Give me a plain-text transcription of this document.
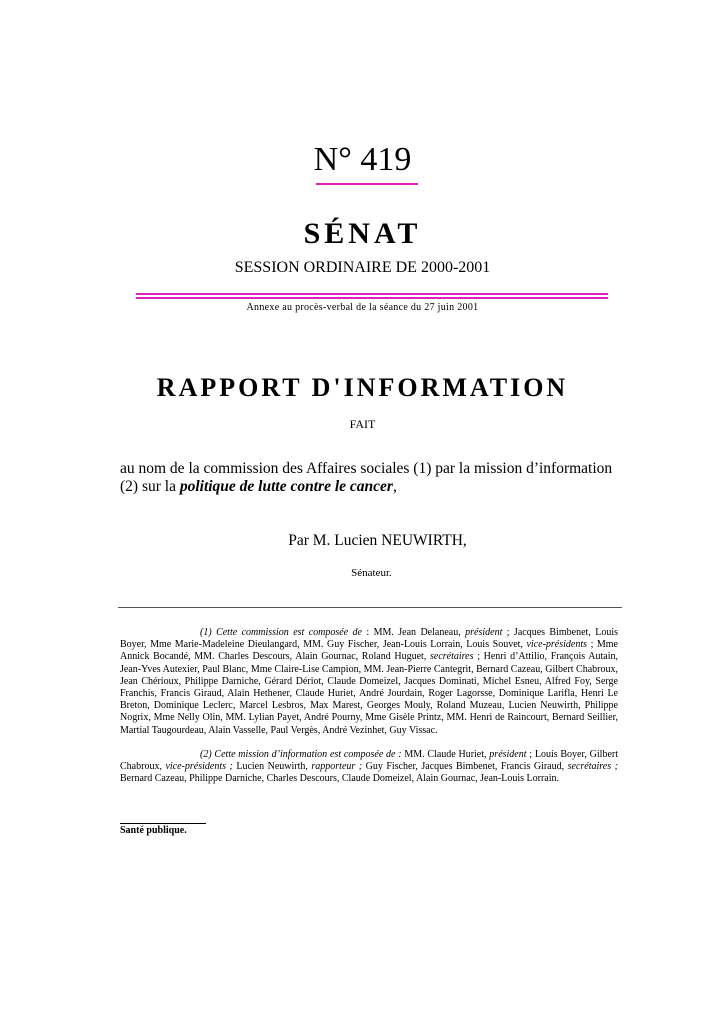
N° 419
SÉNAT
SESSION ORDINAIRE DE 2000-2001
Annexe au procès-verbal de la séance du 27 juin 2001
RAPPORT D'INFORMATION
FAIT
au nom de la commission des Affaires sociales (1) par la mission d’information (2) sur la politique de lutte contre le cancer,
Par M. Lucien NEUWIRTH,
Sénateur.
(1) Cette commission est composée de : MM. Jean Delaneau, président ; Jacques Bimbenet, Louis Boyer, Mme Marie-Madeleine Dieulangard, MM. Guy Fischer, Jean-Louis Lorrain, Louis Souvet, vice-présidents ; Mme Annick Bocandé, MM. Charles Descours, Alain Gournac, Roland Huguet, secrétaires ; Henri d’Attilio, François Autain, Jean-Yves Autexier, Paul Blanc, Mme Claire-Lise Campion, MM. Jean-Pierre Cantegrit, Bernard Cazeau, Gilbert Chabroux, Jean Chérioux, Philippe Darniche, Gérard Dériot, Claude Domeizel, Jacques Dominati, Michel Esneu, Alfred Foy, Serge Franchis, Francis Giraud, Alain Hethener, Claude Huriet, André Jourdain, Roger Lagorsse, Dominique Larifla, Henri Le Breton, Dominique Leclerc, Marcel Lesbros, Max Marest, Georges Mouly, Roland Muzeau, Lucien Neuwirth, Philippe Nogrix, Mme Nelly Olin, MM. Lylian Payet, André Pourny, Mme Gisèle Printz, MM. Henri de Raincourt, Bernard Seillier, Martial Taugourdeau, Alain Vasselle, Paul Vergès, André Vezinhet, Guy Vissac.
(2) Cette mission d’information est composée de : MM. Claude Huriet, président ; Louis Boyer, Gilbert Chabroux, vice-présidents ; Lucien Neuwirth, rapporteur ; Guy Fischer, Jacques Bimbenet, Francis Giraud, secrétaires ; Bernard Cazeau, Philippe Darniche, Charles Descours, Claude Domeizel, Alain Gournac, Jean-Louis Lorrain.
Santé publique.
